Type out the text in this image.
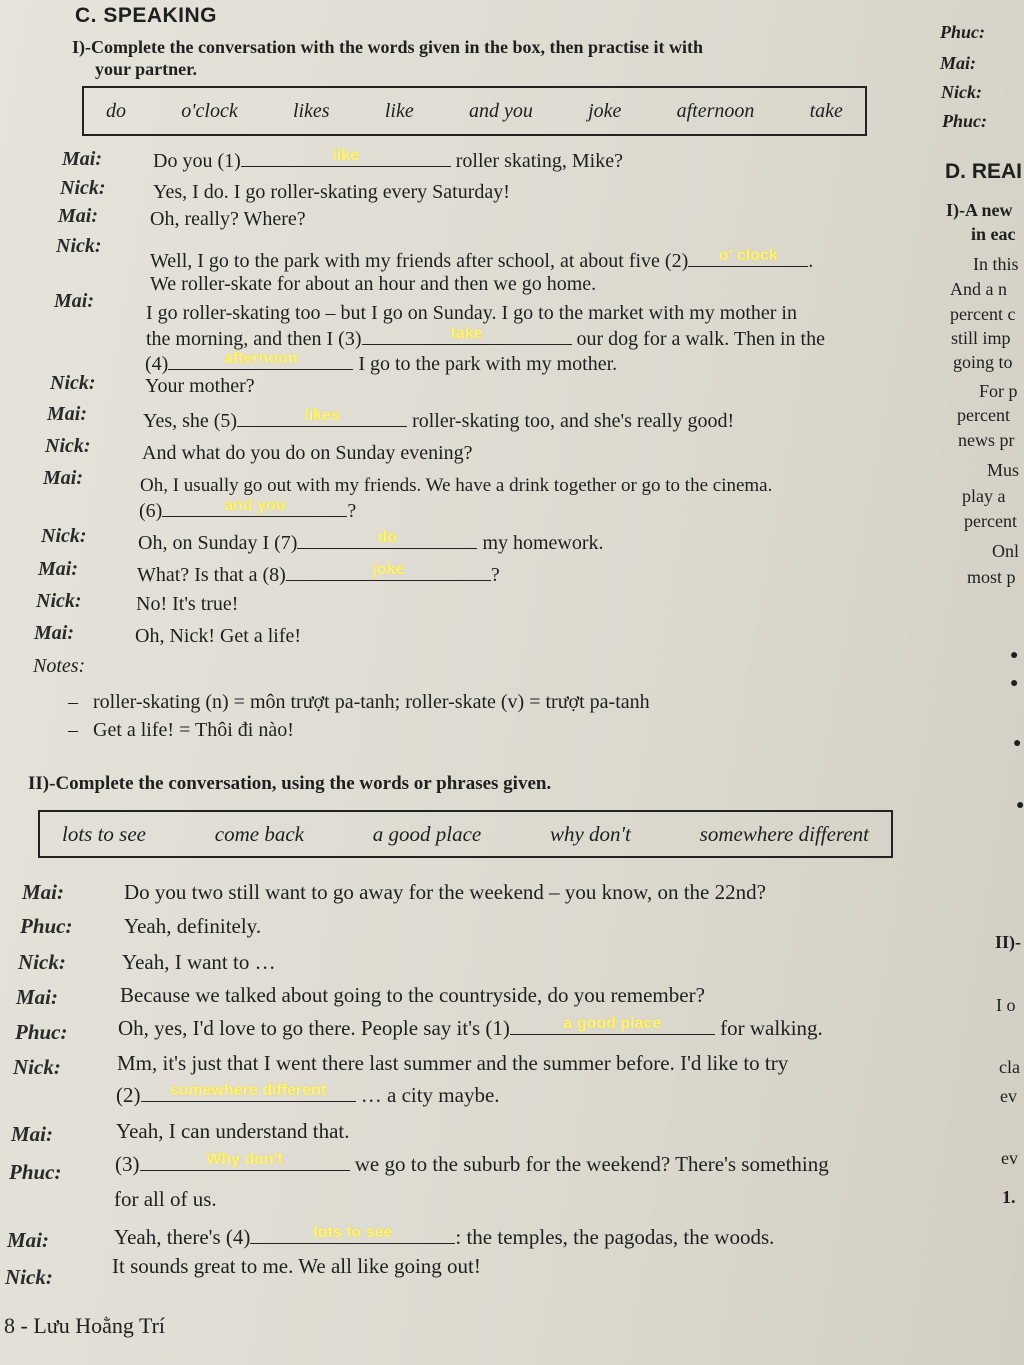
C. SPEAKING
I)-Complete the conversation with the words given in the box, then practise it with
your partner.
do	o'clock	likes	like	and you	joke	afternoon	take
Mai:	Do you (1)	like	roller skating, Mike?
Nick: Yes, I do. I go roller-skating every Saturday!
Mai:	Oh, really? Where?
Nick:
Well, I go to the park with my friends after school, at about five (2)	o' clock	.
We roller-skate for about an hour and then we go home.
Mai:
I go roller-skating too – but I go on Sunday. I go to the market with my mother in
the morning, and then I (3)	take	our dog for a walk. Then in the
(4)	afternoon	I go to the park with my mother.
Nick: Your mother?
Mai:	Yes, she (5)	likes	roller-skating too, and she's really good!
Nick:	And what do you do on Sunday evening?
Mai:	Oh, I usually go out with my friends. We have a drink together or go to the cinema.
(6)	and you	?
Nick:	Oh, on Sunday I (7)	do	my homework.
Mai:	What? Is that a (8)	joke	?
Nick:	No! It's true!
Mai:	Oh, Nick! Get a life!
Notes:
–   roller-skating (n) = môn trượt pa-tanh; roller-skate (v) = trượt pa-tanh
–   Get a life! = Thôi đi nào!
II)-Complete the conversation, using the words or phrases given.
lots to see	come back	a good place	why don't	somewhere different
Mai:	Do you two still want to go away for the weekend – you know, on the 22nd?
Phuc: Yeah, definitely.
Nick:	Yeah, I want to …
Mai:	Because we talked about going to the countryside, do you remember?
Phuc: Oh, yes, I'd love to go there. People say it's (1)	a good place	for walking.
Nick:	Mm, it's just that I went there last summer and the summer before. I'd like to try
(2)	somewhere different	… a city maybe.
Mai:	Yeah, I can understand that.
Phuc:	(3)	Why don't	we go to the suburb for the weekend? There's something
for all of us.
Mai:	Yeah, there's (4)	lots to see	: the temples, the pagodas, the woods.
Nick:	It sounds great to me. We all like going out!
8 - Lưu Hoằng Trí
Phuc:
Mai:
Nick:
Phuc:
D. REAI
I)-A new
in eac
In this
And a n
percent c
still imp
going to
For p
percent
news pr
Mus
play a
percent
Onl
most p
●
●
●
●
II)-
I o
cla
ev
ev
1.
